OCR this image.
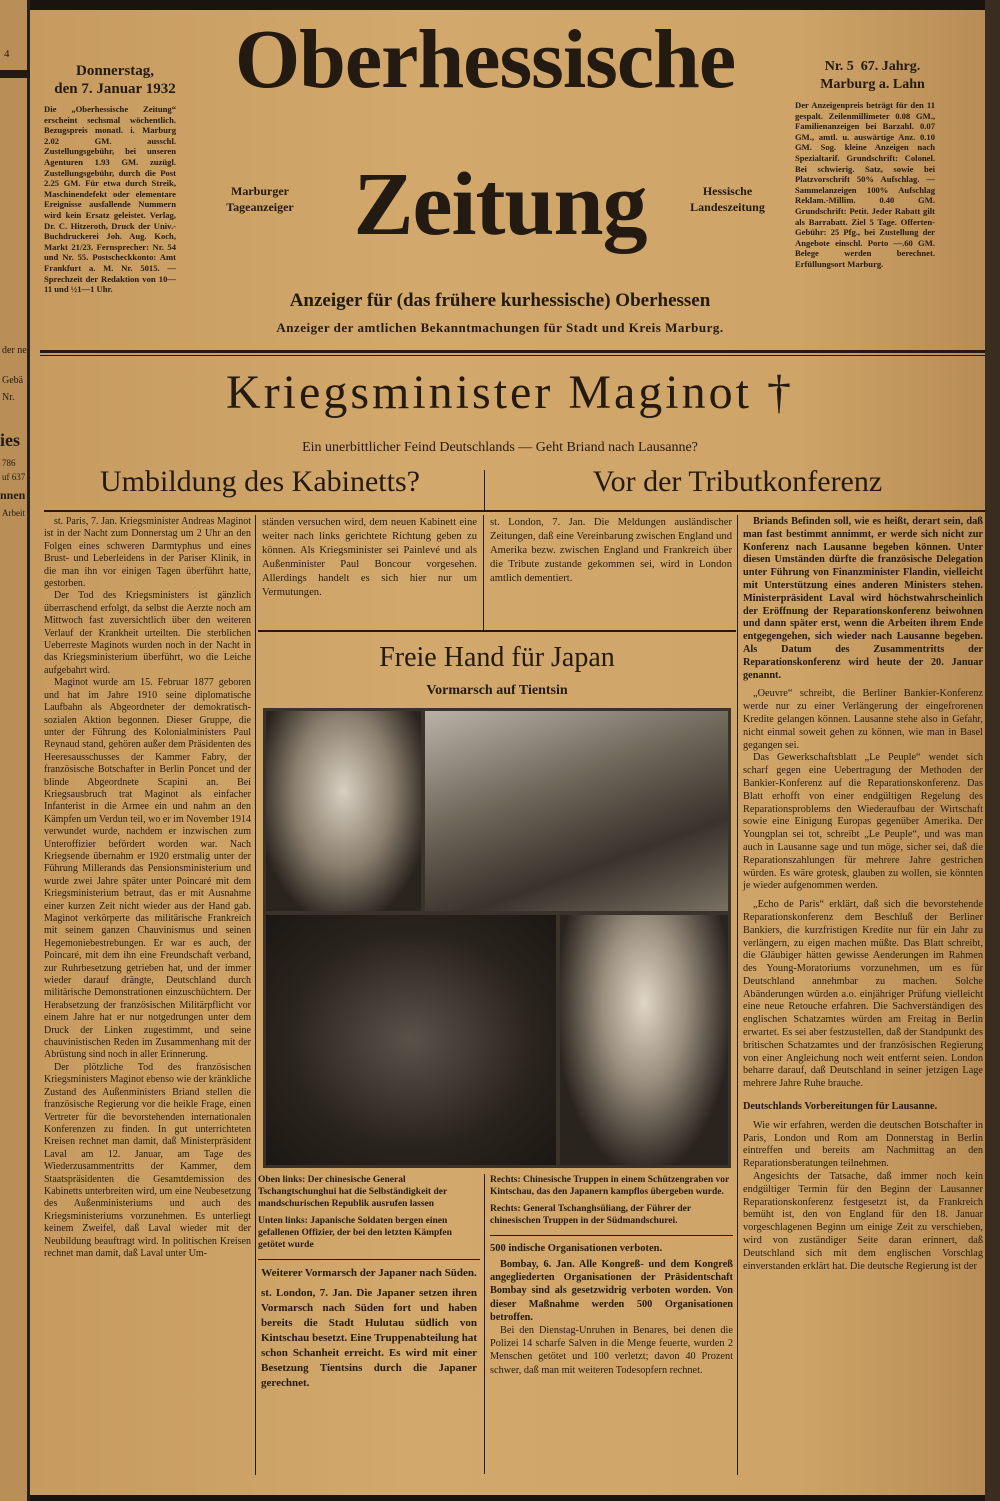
4
der ne
Gebä
Nr.
ies
786
uf 637
nnen
Arbeit
Donnerstag,
den 7. Januar 1932
Die „Oberhessische Zeitung“ erscheint sechsmal wöchentlich. Bezugspreis monatl. i. Marburg 2.02 GM. ausschl. Zustellungsgebühr, bei unseren Agenturen 1.93 GM. zuzügl. Zustellungsgebühr, durch die Post 2.25 GM. Für etwa durch Streik, Maschinendefekt oder elementare Ereignisse ausfallende Nummern wird kein Ersatz geleistet. Verlag, Dr. C. Hitzeroth, Druck der Univ.-Buchdruckerei Joh. Aug. Koch, Markt 21/23. Fernsprecher: Nr. 54 und Nr. 55. Postscheckkonto: Amt Frankfurt a. M. Nr. 5015. — Sprechzeit der Redaktion von 10—11 und ½1—1 Uhr.
Oberhessische
Zeitung
Marburger Tageanzeiger
Hessische Landeszeitung
Nr. 5 67. Jahrg.
Marburg a. Lahn
Der Anzeigenpreis beträgt für den 11 gespalt. Zeilenmillimeter 0.08 GM., Familienanzeigen bei Barzahl. 0.07 GM., amtl. u. auswärtige Anz. 0.10 GM. Sog. kleine Anzeigen nach Spezialtarif. Grundschrift: Colonel. Bei schwierig. Satz, sowie bei Platzvorschrift 50% Aufschlag. — Sammelanzeigen 100% Aufschlag Reklam.-Millim. 0.40 GM. Grundschrift: Petit. Jeder Rabatt gilt als Barrabatt. Ziel 5 Tage. Offerten-Gebühr: 25 Pfg., bei Zustellung der Angebote einschl. Porto —.60 GM. Belege werden berechnet. Erfüllungsort Marburg.
Anzeiger für (das frühere kurhessische) Oberhessen
Anzeiger der amtlichen Bekanntmachungen für Stadt und Kreis Marburg.
Kriegsminister Maginot †
Ein unerbittlicher Feind Deutschlands — Geht Briand nach Lausanne?
Umbildung des Kabinetts?	Vor der Tributkonferenz

st. Paris, 7. Jan. Kriegsminister Andreas Maginot ist in der Nacht zum Donnerstag um 2 Uhr an den Folgen eines schweren Darmtyphus und eines Brust- und Leberleidens in der Pariser Klinik, in die man ihn vor einigen Tagen überführt hatte, gestorben.

Der Tod des Kriegsministers ist gänzlich überraschend erfolgt, da selbst die Aerzte noch am Mittwoch fast zuversichtlich über den weiteren Verlauf der Krankheit urteilten. Die sterblichen Ueberreste Maginots wurden noch in der Nacht in das Kriegsministerium überführt, wo die Leiche aufgebahrt wird.

Maginot wurde am 15. Februar 1877 geboren und hat im Jahre 1910 seine diplomatische Laufbahn als Abgeordneter der demokratisch-sozialen Aktion begonnen. Dieser Gruppe, die unter der Führung des Kolonialministers Paul Reynaud stand, gehören außer dem Präsidenten des Heeresausschusses der Kammer Fabry, der französische Botschafter in Berlin Poncet und der blinde Abgeordnete Scapini an. Bei Kriegsausbruch trat Maginot als einfacher Infanterist in die Armee ein und nahm an den Kämpfen um Verdun teil, wo er im November 1914 verwundet wurde, nachdem er inzwischen zum Unteroffizier befördert worden war. Nach Kriegsende übernahm er 1920 erstmalig unter der Führung Millerands das Pensionsministerium und wurde zwei Jahre später unter Poincaré mit dem Kriegsministerium betraut, das er mit Ausnahme einer kurzen Zeit nicht wieder aus der Hand gab. Maginot verkörperte das militärische Frankreich mit seinem ganzen Chauvinismus und seinen Hegemoniebestrebungen. Er war es auch, der Poincaré, mit dem ihn eine Freundschaft verband, zur Ruhrbesetzung getrieben hat, und der immer wieder darauf drängte, Deutschland durch militärische Demonstrationen einzuschüchtern. Der Herabsetzung der französischen Militärpflicht vor einem Jahre hat er nur notgedrungen unter dem Druck der Linken zugestimmt, und seine chauvinistischen Reden im Zusammenhang mit der Abrüstung sind noch in aller Erinnerung.

Der plötzliche Tod des französischen Kriegsministers Maginot ebenso wie der kränkliche Zustand des Außenministers Briand stellen die französische Regierung vor die heikle Frage, einen Vertreter für die bevorstehenden internationalen Konferenzen zu finden. In gut unterrichteten Kreisen rechnet man damit, daß Ministerpräsident Laval am 12. Januar, am Tage des Wiederzusammentritts der Kammer, dem Staatspräsidenten die Gesamtdemission des Kabinetts unterbreiten wird, um eine Neubesetzung des Außenministeriums und auch des Kriegsministeriums vorzunehmen. Es unterliegt keinem Zweifel, daß Laval wieder mit der Neubildung beauftragt wird. In politischen Kreisen rechnet man damit, daß Laval unter Um-

ständen versuchen wird, dem neuen Kabinett eine weiter nach links gerichtete Richtung geben zu können. Als Kriegsminister sei Painlevé und als Außenminister Paul Boncour vorgesehen. Allerdings handelt es sich hier nur um Vermutungen.
st. London, 7. Jan. Die Meldungen ausländischer Zeitungen, daß eine Vereinbarung zwischen England und Amerika bezw. zwischen England und Frankreich über die Tribute zustande gekommen sei, wird in London amtlich dementiert.
Freie Hand für Japan
Vormarsch auf Tientsin
Oben links: Der chinesische General Tschangtschunghui hat die Selbständigkeit der mandschurischen Republik ausrufen lassen
Unten links: Japanische Soldaten bergen einen gefallenen Offizier, der bei den letzten Kämpfen getötet wurde
Weiterer Vormarsch der Japaner nach Süden.
st. London, 7. Jan. Die Japaner setzen ihren Vormarsch nach Süden fort und haben bereits die Stadt Hulutau südlich von Kintschau besetzt. Eine Truppenabteilung hat schon Schanheit erreicht. Es wird mit einer Besetzung Tientsins durch die Japaner gerechnet.
Rechts: Chinesische Truppen in einem Schützengraben vor Kintschau, das den Japanern kampflos übergeben wurde.
Rechts: General Tschanghsüliang, der Führer der chinesischen Truppen in der Südmandschurei.
500 indische Organisationen verboten.

Bombay, 6. Jan. Alle Kongreß- und dem Kongreß angegliederten Organisationen der Präsidentschaft Bombay sind als gesetzwidrig verboten worden. Von dieser Maßnahme werden 500 Organisationen betroffen.

Bei den Dienstag-Unruhen in Benares, bei denen die Polizei 14 scharfe Salven in die Menge feuerte, wurden 2 Menschen getötet und 100 verletzt; davon 40 Prozent schwer, daß man mit weiteren Todesopfern rechnet.

Briands Befinden soll, wie es heißt, derart sein, daß man fast bestimmt annimmt, er werde sich nicht zur Konferenz nach Lausanne begeben können. Unter diesen Umständen dürfte die französische Delegation unter Führung von Finanzminister Flandin, vielleicht mit Unterstützung eines anderen Ministers stehen. Ministerpräsident Laval wird höchstwahrscheinlich der Eröffnung der Reparationskonferenz beiwohnen und dann später erst, wenn die Arbeiten ihrem Ende entgegengehen, sich wieder nach Lausanne begeben. Als Datum des Zusammentritts der Reparationskonferenz wird heute der 20. Januar genannt.

„Oeuvre“ schreibt, die Berliner Bankier-Konferenz werde nur zu einer Verlängerung der eingefrorenen Kredite gelangen können. Lausanne stehe also in Gefahr, nicht einmal soweit gehen zu können, wie man in Basel gegangen sei.

Das Gewerkschaftsblatt „Le Peuple“ wendet sich scharf gegen eine Uebertragung der Methoden der Bankier-Konferenz auf die Reparationskonferenz. Das Blatt erhofft von einer endgültigen Regelung des Reparationsproblems den Wiederaufbau der Wirtschaft sowie eine Einigung Europas gegenüber Amerika. Der Youngplan sei tot, schreibt „Le Peuple“, und was man auch in Lausanne sage und tun möge, sicher sei, daß die Reparationszahlungen für mehrere Jahre gestrichen würden. Es wäre grotesk, glauben zu wollen, sie könnten je wieder aufgenommen werden.

„Echo de Paris“ erklärt, daß sich die bevorstehende Reparationskonferenz dem Beschluß der Berliner Bankiers, die kurzfristigen Kredite nur für ein Jahr zu verlängern, zu eigen machen müßte. Das Blatt schreibt, die Gläubiger hätten gewisse Aenderungen im Rahmen des Young-Moratoriums vorzunehmen, um es für Deutschland annehmbar zu machen. Solche Abänderungen würden a.o. einjähriger Prüfung vielleicht eine neue Retouche erfahren. Die Sachverständigen des englischen Schatzamtes würden am Freitag in Berlin erwartet. Es sei aber festzustellen, daß der Standpunkt des britischen Schatzamtes und der französischen Regierung von einer Angleichung noch weit entfernt seien. London beharre darauf, daß Deutschland in seiner jetzigen Lage mehrere Jahre Ruhe brauche.

Deutschlands Vorbereitungen für Lausanne.

Wie wir erfahren, werden die deutschen Botschafter in Paris, London und Rom am Donnerstag in Berlin eintreffen und bereits am Nachmittag an den Reparationsberatungen teilnehmen.

Angesichts der Tatsache, daß immer noch kein endgültiger Termin für den Beginn der Lausanner Reparationskonferenz festgesetzt ist, da Frankreich bemüht ist, den von England für den 18. Januar vorgeschlagenen Beginn um einige Zeit zu verschieben, wird von zuständiger Seite daran erinnert, daß Deutschland sich mit dem englischen Vorschlag einverstanden erklärt hat. Die deutsche Regierung ist der
